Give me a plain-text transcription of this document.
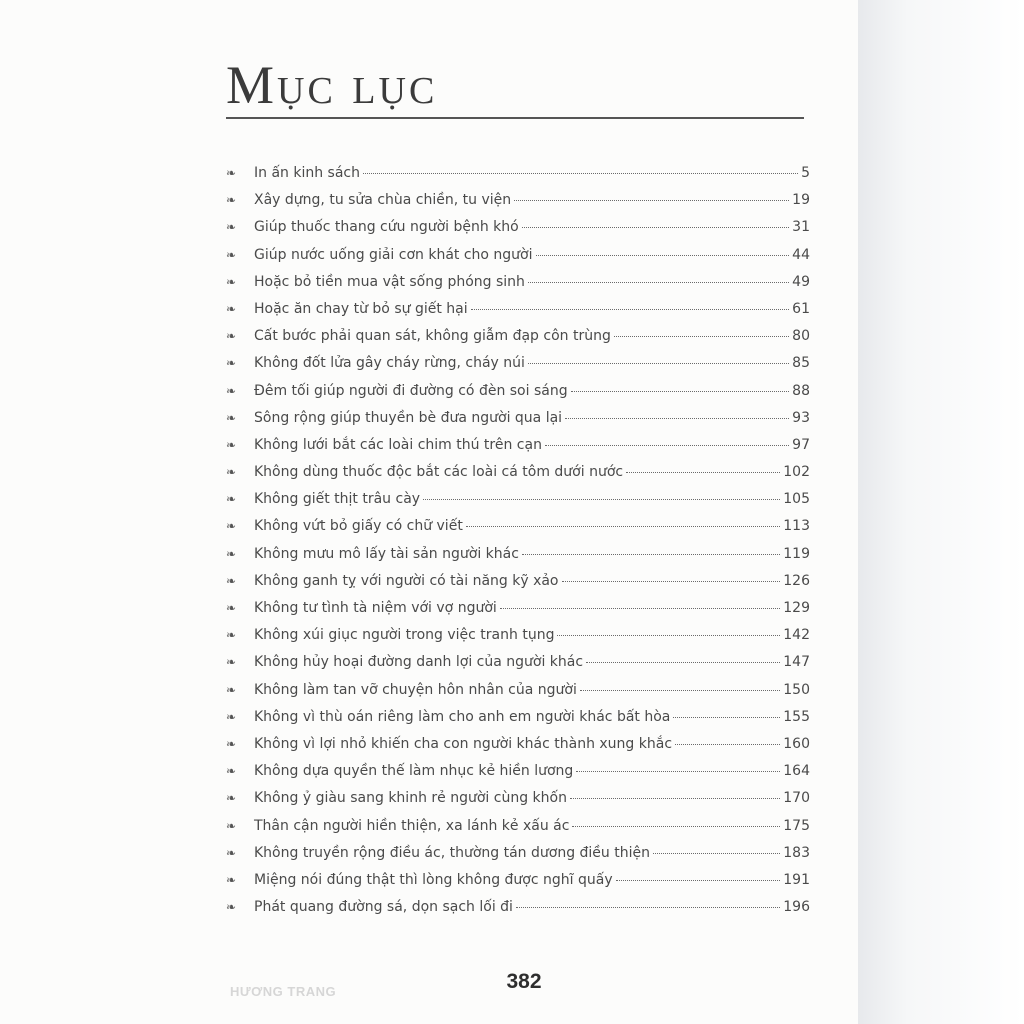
Mục lục
❧	In ấn kinh sách	5
❧	Xây dựng, tu sửa chùa chiền, tu viện	19
❧	Giúp thuốc thang cứu người bệnh khó	31
❧	Giúp nước uống giải cơn khát cho người	44
❧	Hoặc bỏ tiền mua vật sống phóng sinh	49
❧	Hoặc ăn chay từ bỏ sự giết hại	61
❧	Cất bước phải quan sát, không giẫm đạp côn trùng	80
❧	Không đốt lửa gây cháy rừng, cháy núi	85
❧	Đêm tối giúp người đi đường có đèn soi sáng	88
❧	Sông rộng giúp thuyền bè đưa người qua lại	93
❧	Không lưới bắt các loài chim thú trên cạn	97
❧	Không dùng thuốc độc bắt các loài cá tôm dưới nước	102
❧	Không giết thịt trâu cày	105
❧	Không vứt bỏ giấy có chữ viết	113
❧	Không mưu mô lấy tài sản người khác	119
❧	Không ganh tỵ với người có tài năng kỹ xảo	126
❧	Không tư tình tà niệm với vợ người	129
❧	Không xúi giục người trong việc tranh tụng	142
❧	Không hủy hoại đường danh lợi của người khác	147
❧	Không làm tan vỡ chuyện hôn nhân của người	150
❧	Không vì thù oán riêng làm cho anh em người khác bất hòa	155
❧	Không vì lợi nhỏ khiến cha con người khác thành xung khắc	160
❧	Không dựa quyền thế làm nhục kẻ hiền lương	164
❧	Không ỷ giàu sang khinh rẻ người cùng khốn	170
❧	Thân cận người hiền thiện, xa lánh kẻ xấu ác	175
❧	Không truyền rộng điều ác, thường tán dương điều thiện	183
❧	Miệng nói đúng thật thì lòng không được nghĩ quấy	191
❧	Phát quang đường sá, dọn sạch lối đi	196
HƯƠNG TRANG	382
